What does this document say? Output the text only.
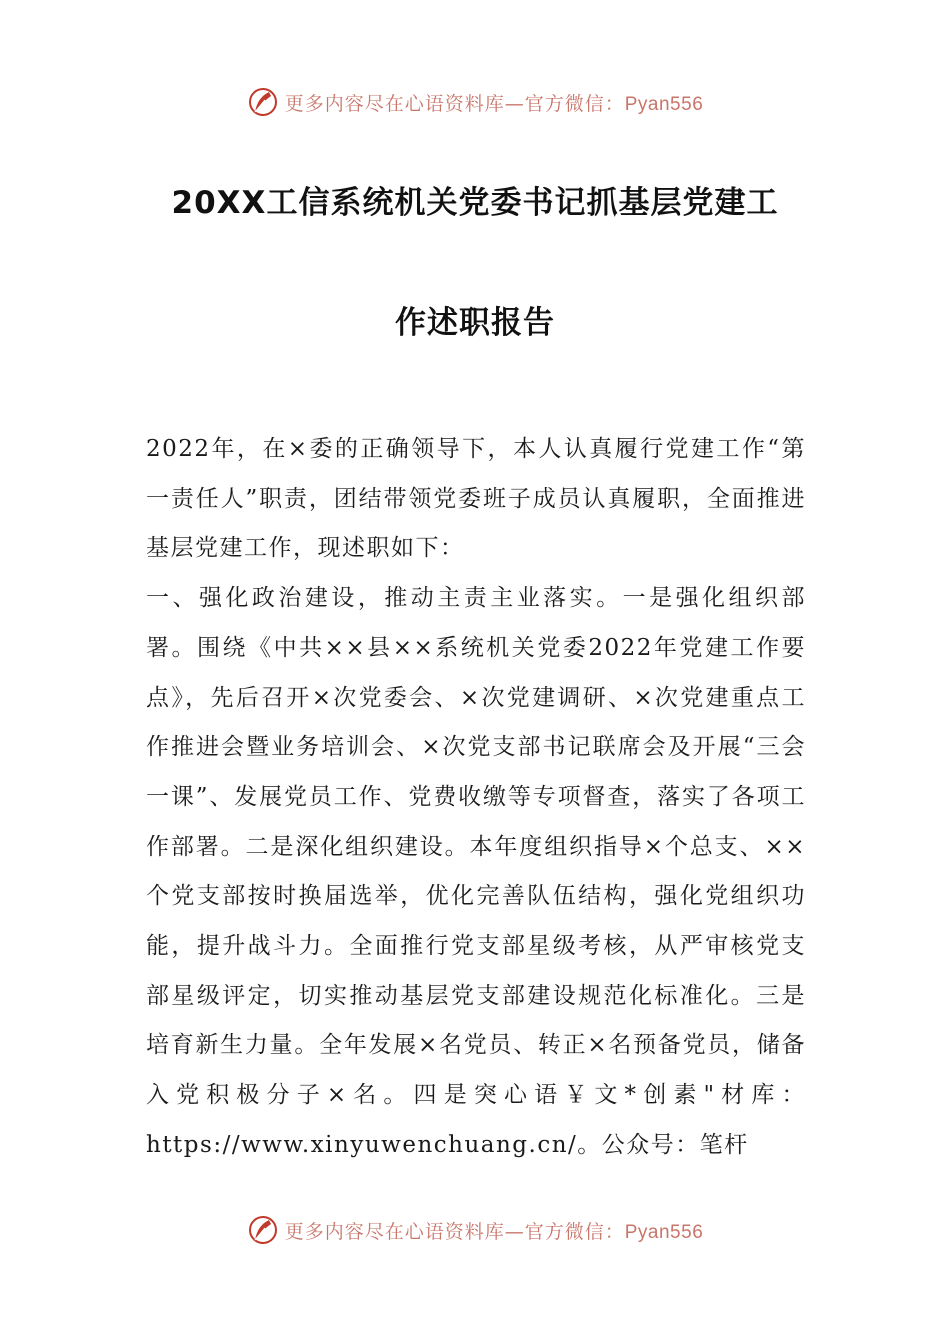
更多内容尽在心语资料库—官方微信：Pyan556
20XX工信系统机关党委书记抓基层党建工
作述职报告

2022年，在×委的正确领导下，本人认真履行党建工作“第一责任人”职责，团结带领党委班子成员认真履职，全面推进基层党建工作，现述职如下：

一、强化政治建设，推动主责主业落实。一是强化组织部署。围绕《中共××县××系统机关党委2022年党建工作要点》，先后召开×次党委会、×次党建调研、×次党建重点工作推进会暨业务培训会、×次党支部书记联席会及开展“三会一课”、发展党员工作、党费收缴等专项督查，落实了各项工作部署。二是深化组织建设。本年度组织指导×个总支、××个党支部按时换届选举，优化完善队伍结构，强化党组织功能，提升战斗力。全面推行党支部星级考核，从严审核党支部星级评定，切实推动基层党支部建设规范化标准化。三是培育新生力量。全年发展×名党员、转正×名预备党员，储备入党积极分子×名。四是突心语￥文*创素"材库：https://www.xinyuwenchuang.cn/。公众号：笔杆

更多内容尽在心语资料库—官方微信：Pyan556
